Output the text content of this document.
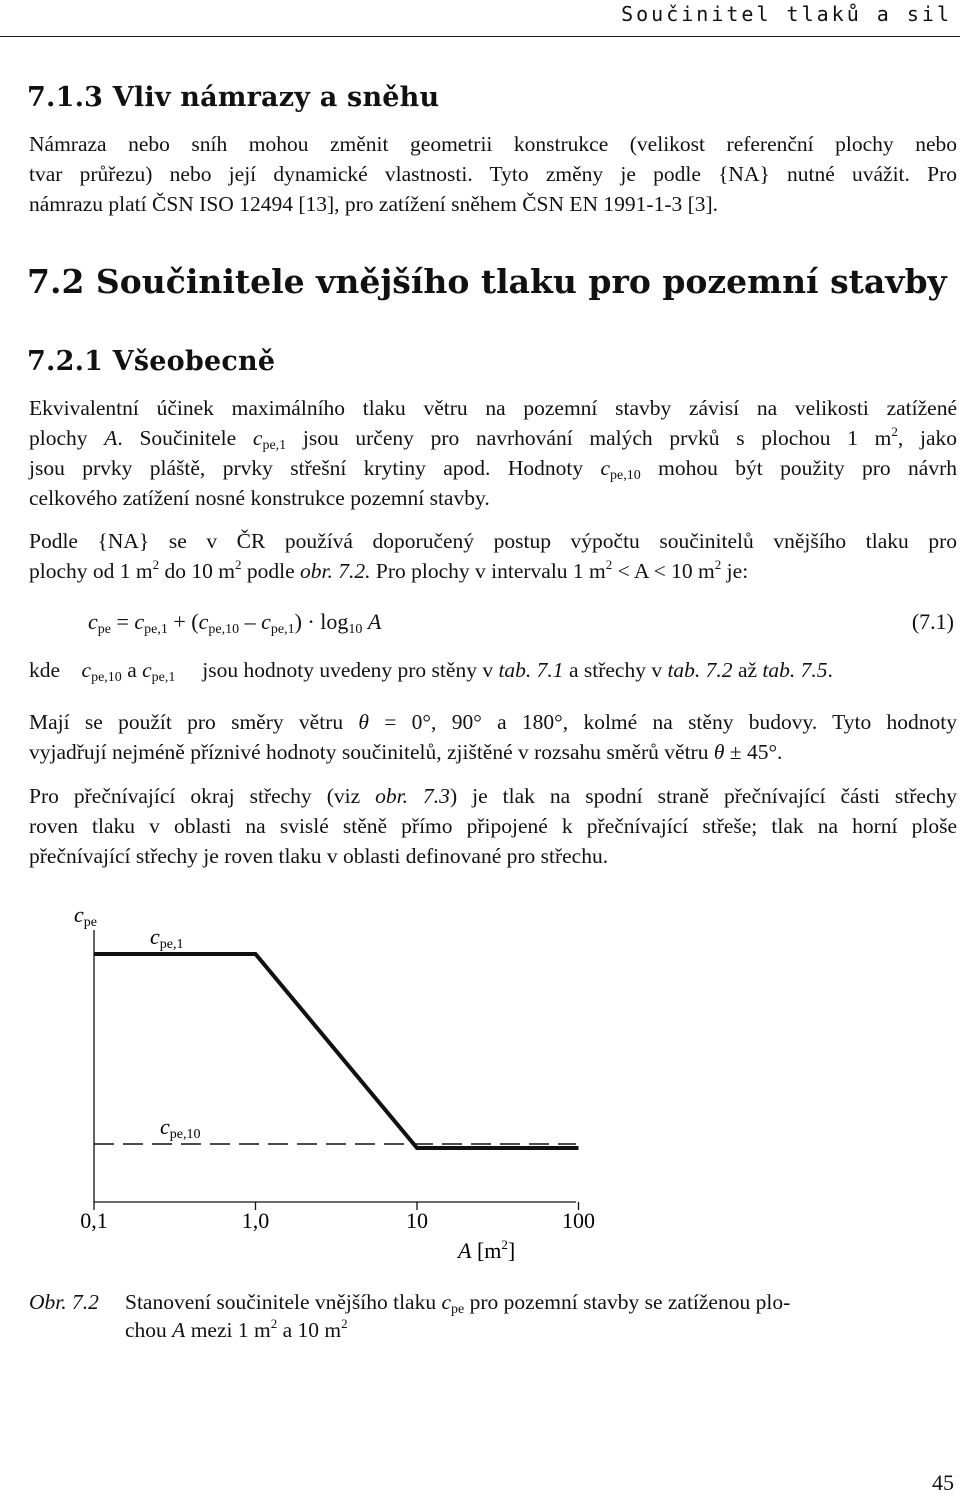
Součinitel tlaků a sil
7.1.3 Vliv námrazy a sněhu
Námraza nebo sníh mohou změnit geometrii konstrukce (velikost referenční plochy nebo
tvar průřezu) nebo její dynamické vlastnosti. Tyto změny je podle {NA} nutné uvážit. Pro
námrazu platí ČSN ISO 12494 [13], pro zatížení sněhem ČSN EN 1991-1-3 [3].
7.2 Součinitele vnějšího tlaku pro pozemní stavby
7.2.1 Všeobecně
Ekvivalentní účinek maximálního tlaku větru na pozemní stavby závisí na velikosti zatížené
plochy A. Součinitele $c_{pe,1}$ jsou určeny pro navrhování malých prvků s plochou 1 $m^2$, jako
jsou prvky pláště, prvky střešní krytiny apod. Hodnoty $c_{pe,10}$ mohou být použity pro návrh
celkového zatížení nosné konstrukce pozemní stavby.
Podle {NA} se v ČR používá doporučený postup výpočtu součinitelů vnějšího tlaku pro
plochy od 1 $m^2$ do 10 $m^2$ podle obr. 7.2. Pro plochy v intervalu 1 $m^2 < A < 10$ $m^2$ je:
$c_{pe} = c_{pe,1} + (c_{pe,10} - c_{pe,1}) \cdot \log_{10} A$	(7.1)
kde $c_{pe,10}$ a $c_{pe,1}$ jsou hodnoty uvedeny pro stěny v tab. 7.1 a střechy v tab. 7.2 až tab. 7.5.
Mají se použít pro směry větru θ = 0°, 90° a 180°, kolmé na stěny budovy. Tyto hodnoty
vyjadřují nejméně příznivé hodnoty součinitelů, zjištěné v rozsahu směrů větru θ ± 45°.
Pro přečnívající okraj střechy (viz obr. 7.3) je tlak na spodní straně přečnívající části střechy
roven tlaku v oblasti na svislé stěně přímo připojené k přečnívající střeše; tlak na horní ploše
přečnívající střechy je roven tlaku v oblasti definované pro střechu.
cpe
cpe,1
cpe,10
0,1	1,0	10	100
A $[m^2]$
Obr. 7.2 Stanovení součinitele vnějšího tlaku $c_{pe}$ pro pozemní stavby se zatíženou plo-
chou A mezi 1 $m^2$ a 10 $m^2$
45
